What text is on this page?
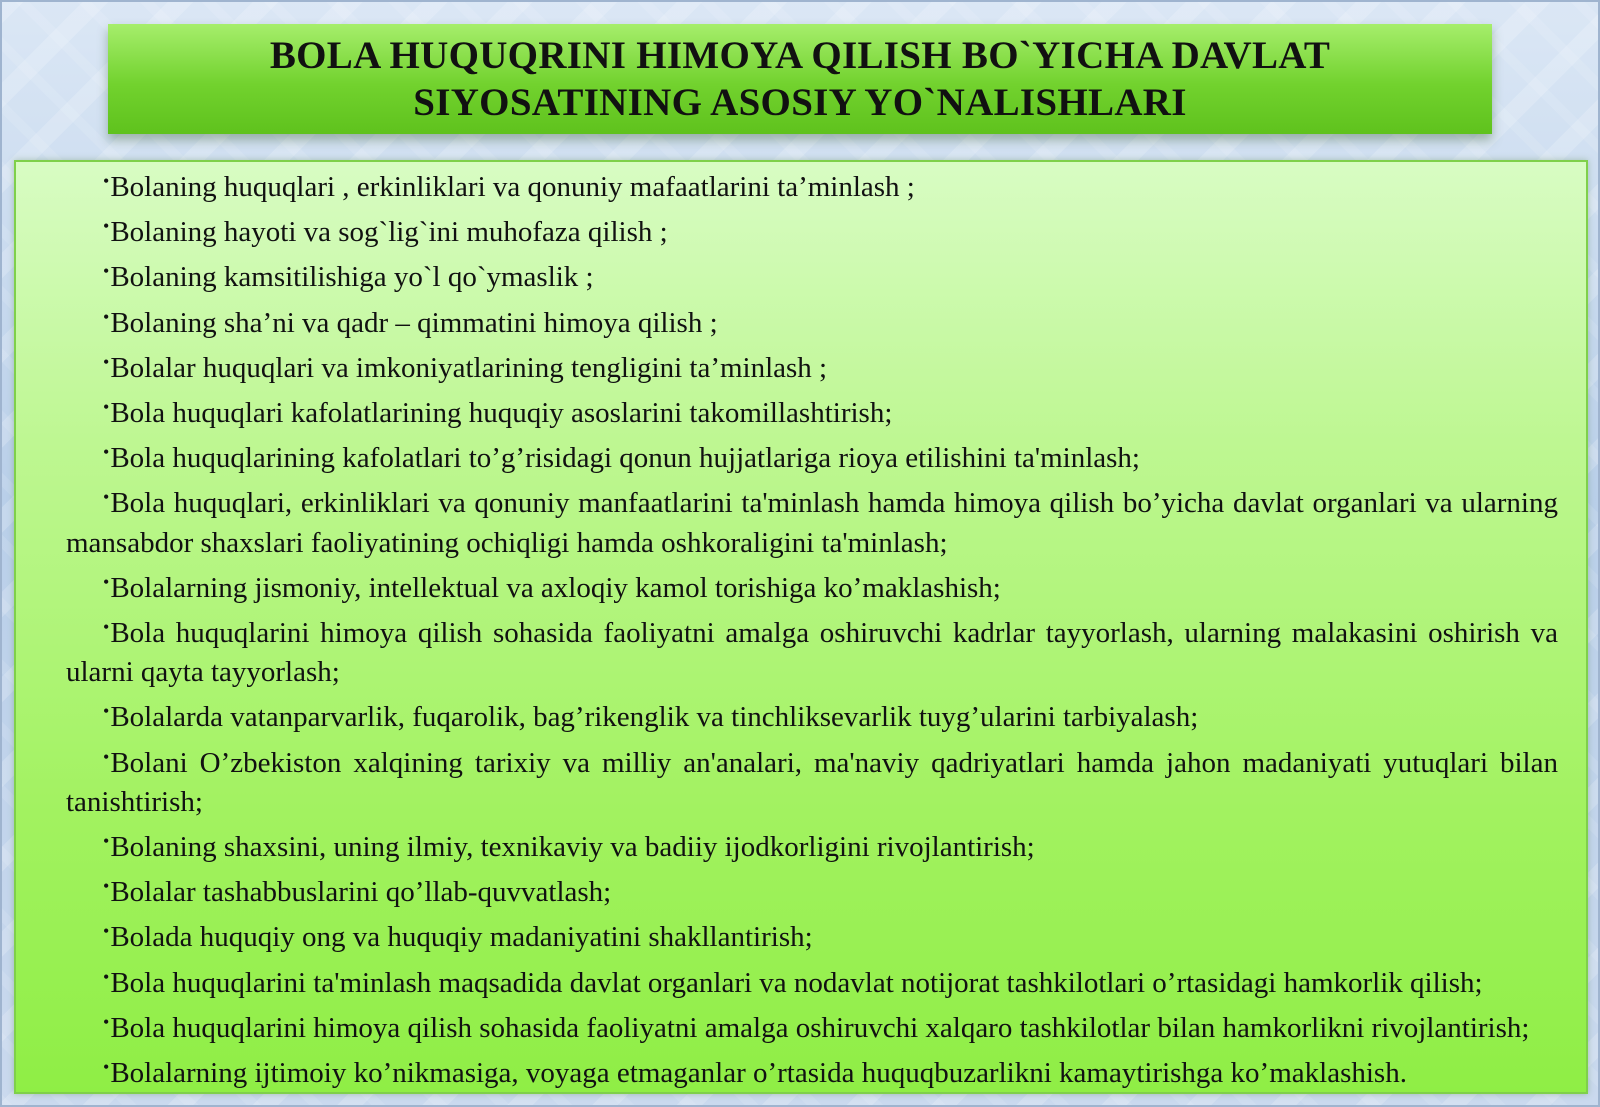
BOLA HUQUQRINI HIMOYA QILISH BO`YICHA DAVLAT
SIYOSATINING ASOSIY YO`NALISHLARI
•Bolaning huquqlari , erkinliklari va qonuniy mafaatlarini ta’minlash ;
•Bolaning hayoti va sog`lig`ini muhofaza qilish ;
•Bolaning kamsitilishiga yo`l qo`ymaslik ;
•Bolaning sha’ni va qadr – qimmatini himoya qilish ;
•Bolalar huquqlari va imkoniyatlarining tengligini ta’minlash ;
•Bola huquqlari kafolatlarining huquqiy asoslarini takomillashtirish;
•Bola huquqlarining kafolatlari to’g’risidagi qonun hujjatlariga rioya etilishini ta'minlash;
•Bola huquqlari, erkinliklari va qonuniy manfaatlarini ta'minlash hamda himoya qilish bo’yicha davlat organlari va ularning mansabdor shaxslari faoliyatining ochiqligi hamda oshkoraligini ta'minlash;
•Bolalarning jismoniy, intellektual va axloqiy kamol torishiga ko’maklashish;
•Bola huquqlarini himoya qilish sohasida faoliyatni amalga oshiruvchi kadrlar tayyorlash, ularning malakasini oshirish va ularni qayta tayyorlash;
•Bolalarda vatanparvarlik, fuqarolik, bag’rikenglik va tinchliksevarlik tuyg’ularini tarbiyalash;
•Bolani O’zbekiston xalqining tarixiy va milliy an'analari, ma'naviy qadriyatlari hamda jahon madaniyati yutuqlari bilan tanishtirish;
•Bolaning shaxsini, uning ilmiy, texnikaviy va badiiy ijodkorligini rivojlantirish;
•Bolalar tashabbuslarini qo’llab-quvvatlash;
•Bolada huquqiy ong va huquqiy madaniyatini shakllantirish;
•Bola huquqlarini ta'minlash maqsadida davlat organlari va nodavlat notijorat tashkilotlari o’rtasidagi hamkorlik qilish;
•Bola huquqlarini himoya qilish sohasida faoliyatni amalga oshiruvchi xalqaro tashkilotlar bilan hamkorlikni rivojlantirish;
•Bolalarning ijtimoiy ko’nikmasiga, voyaga etmaganlar o’rtasida huquqbuzarlikni kamaytirishga ko’maklashish.
